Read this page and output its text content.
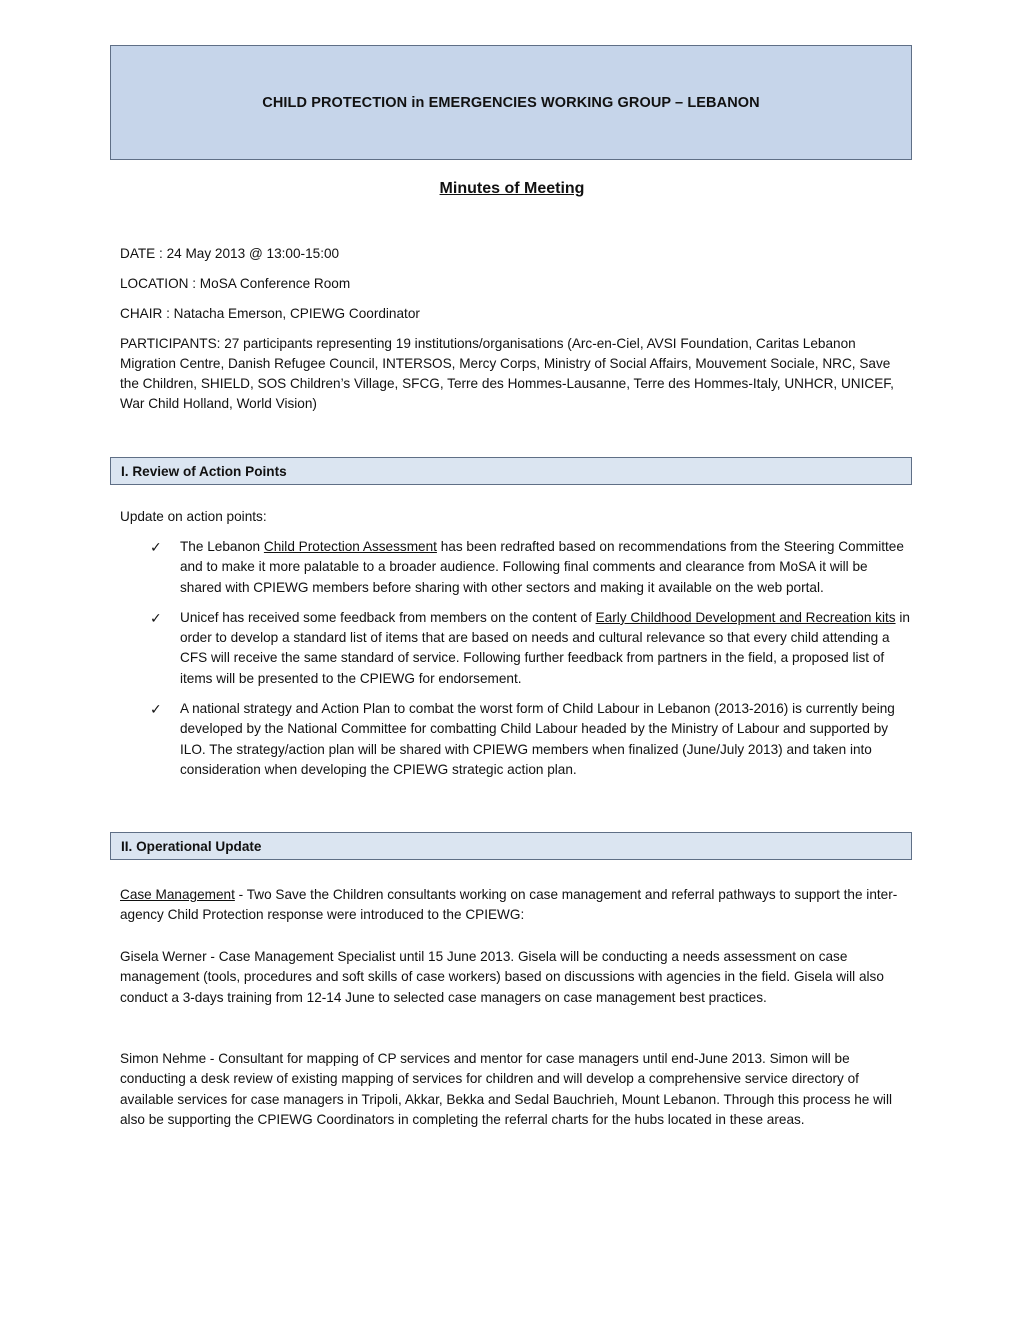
CHILD PROTECTION in EMERGENCIES WORKING GROUP – LEBANON
Minutes of Meeting
DATE : 24 May 2013 @ 13:00-15:00
LOCATION : MoSA Conference Room
CHAIR : Natacha Emerson, CPIEWG Coordinator
PARTICIPANTS: 27 participants representing 19 institutions/organisations (Arc-en-Ciel, AVSI Foundation, Caritas Lebanon Migration Centre, Danish Refugee Council, INTERSOS, Mercy Corps, Ministry of Social Affairs, Mouvement Sociale, NRC, Save the Children, SHIELD, SOS Children’s Village, SFCG, Terre des Hommes-Lausanne, Terre des Hommes-Italy, UNHCR, UNICEF, War Child Holland, World Vision)
I. Review of Action Points
Update on action points:
✓ The Lebanon Child Protection Assessment has been redrafted based on recommendations from the Steering Committee and to make it more palatable to a broader audience. Following final comments and clearance from MoSA it will be shared with CPIEWG members before sharing with other sectors and making it available on the web portal.
✓ Unicef has received some feedback from members on the content of Early Childhood Development and Recreation kits in order to develop a standard list of items that are based on needs and cultural relevance so that every child attending a CFS will receive the same standard of service. Following further feedback from partners in the field, a proposed list of items will be presented to the CPIEWG for endorsement.
✓ A national strategy and Action Plan to combat the worst form of Child Labour in Lebanon (2013-2016) is currently being developed by the National Committee for combatting Child Labour headed by the Ministry of Labour and supported by ILO. The strategy/action plan will be shared with CPIEWG members when finalized (June/July 2013) and taken into consideration when developing the CPIEWG strategic action plan.
II. Operational Update
Case Management - Two Save the Children consultants working on case management and referral pathways to support the inter-agency Child Protection response were introduced to the CPIEWG:
Gisela Werner - Case Management Specialist until 15 June 2013. Gisela will be conducting a needs assessment on case management (tools, procedures and soft skills of case workers) based on discussions with agencies in the field. Gisela will also conduct a 3-days training from 12-14 June to selected case managers on case management best practices.
Simon Nehme - Consultant for mapping of CP services and mentor for case managers until end-June 2013. Simon will be conducting a desk review of existing mapping of services for children and will develop a comprehensive service directory of available services for case managers in Tripoli, Akkar, Bekka and Sedal Bauchrieh, Mount Lebanon. Through this process he will also be supporting the CPIEWG Coordinators in completing the referral charts for the hubs located in these areas.
